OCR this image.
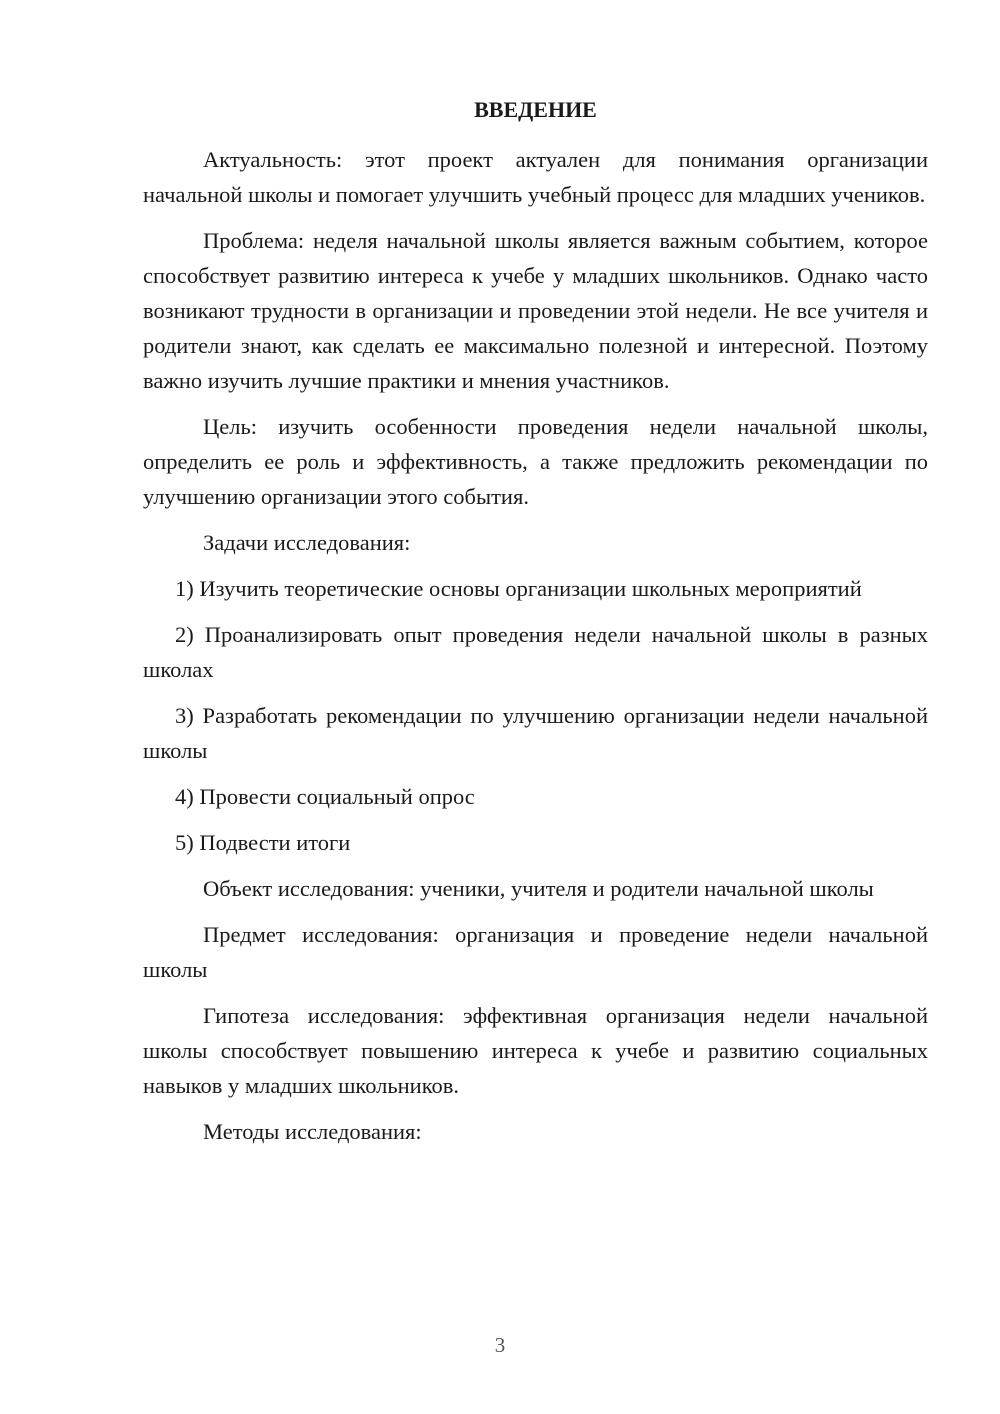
ВВЕДЕНИЕ

Актуальность: этот проект актуален для понимания организации начальной школы и помогает улучшить учебный процесс для младших учеников.

Проблема: неделя начальной школы является важным событием, которое способствует развитию интереса к учебе у младших школьников. Однако часто возникают трудности в организации и проведении этой недели. Не все учителя и родители знают, как сделать ее максимально полезной и интересной. Поэтому важно изучить лучшие практики и мнения участников.

Цель: изучить особенности проведения недели начальной школы, определить ее роль и эффективность, а также предложить рекомендации по улучшению организации этого события.

Задачи исследования:

1) Изучить теоретические основы организации школьных мероприятий

2) Проанализировать опыт проведения недели начальной школы в разных школах

3) Разработать рекомендации по улучшению организации недели начальной школы

4) Провести социальный опрос

5) Подвести итоги

Объект исследования: ученики, учителя и родители начальной школы

Предмет исследования: организация и проведение недели начальной школы

Гипотеза исследования: эффективная организация недели начальной школы способствует повышению интереса к учебе и развитию социальных навыков у младших школьников.

Методы исследования:

3
